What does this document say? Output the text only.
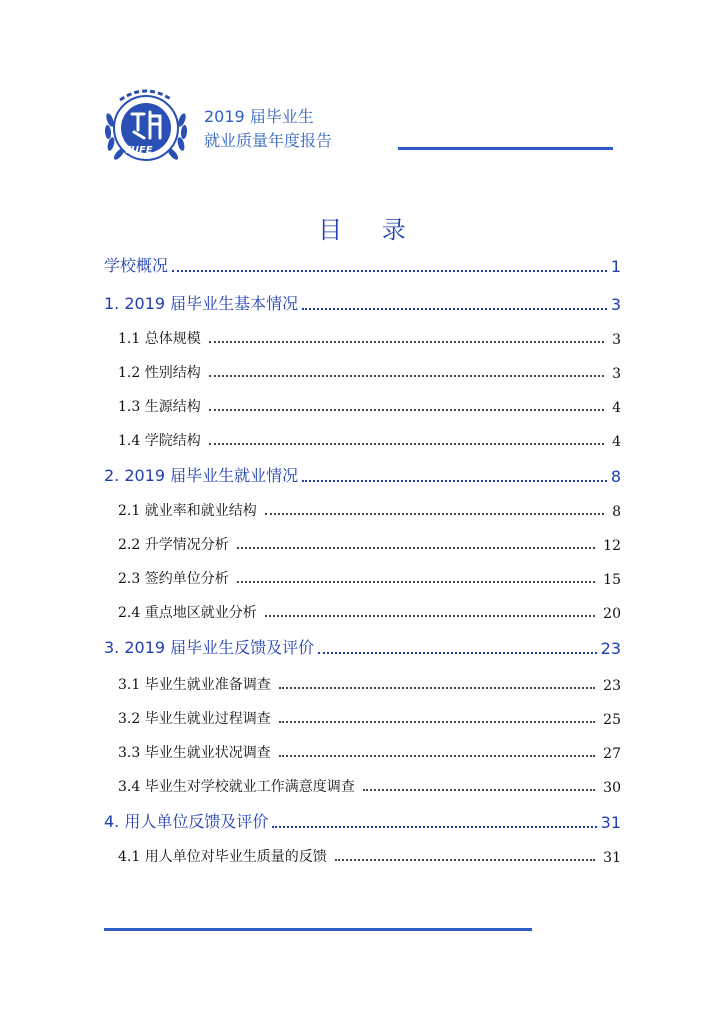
TUFE
2019 届毕业生
就业质量年度报告
目 录
学校概况	1
1. 2019 届毕业生基本情况	3
1.1 总体规模	3
1.2 性别结构	3
1.3 生源结构	4
1.4 学院结构	4
2. 2019 届毕业生就业情况	8
2.1 就业率和就业结构	8
2.2 升学情况分析	12
2.3 签约单位分析	15
2.4 重点地区就业分析	20
3. 2019 届毕业生反馈及评价	23
3.1 毕业生就业准备调查	23
3.2 毕业生就业过程调查	25
3.3 毕业生就业状况调查	27
3.4 毕业生对学校就业工作满意度调查	30
4. 用人单位反馈及评价	31
4.1 用人单位对毕业生质量的反馈	31
